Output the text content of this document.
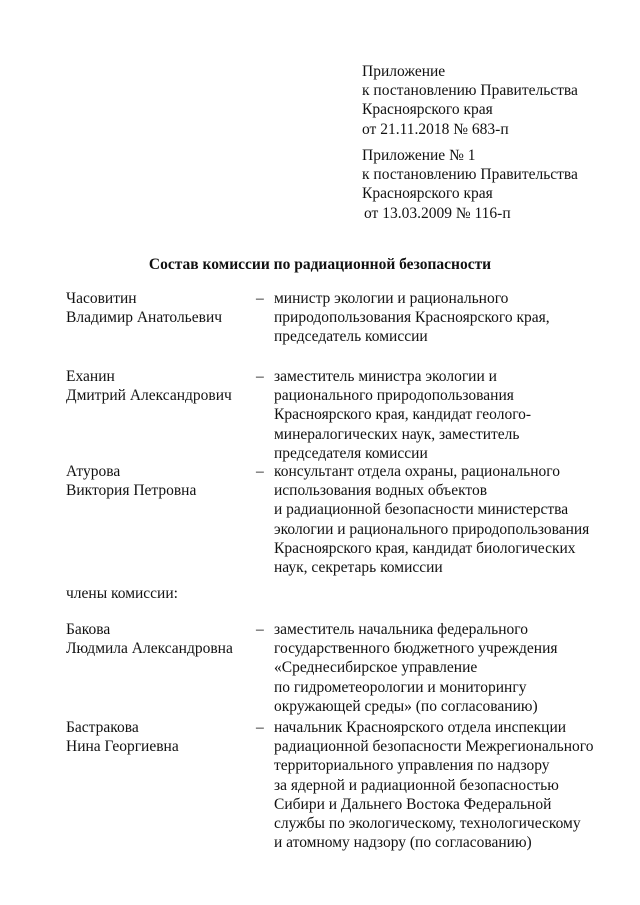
Приложение
к постановлению Правительства
Красноярского края
от 21.11.2018 № 683-п
Приложение № 1
к постановлению Правительства
Красноярского края
от 13.03.2009 № 116-п
Состав комиссии по радиационной безопасности
Часовитин
Владимир Анатольевич
– министр экологии и рационального
природопользования Красноярского края,
председатель комиссии
Еханин
Дмитрий Александрович
– заместитель министра экологии и
рационального природопользования
Красноярского края, кандидат геолого-
минералогических наук, заместитель
председателя комиссии
Атурова
Виктория Петровна
– консультант отдела охраны, рационального
использования водных объектов
и радиационной безопасности министерства
экологии и рационального природопользования
Красноярского края, кандидат биологических
наук, секретарь комиссии
члены комиссии:
Бакова
Людмила Александровна
– заместитель начальника федерального
государственного бюджетного учреждения
«Среднесибирское управление
по гидрометеорологии и мониторингу
окружающей среды» (по согласованию)
Бастракова
Нина Георгиевна
– начальник Красноярского отдела инспекции
радиационной безопасности Межрегионального
территориального управления по надзору
за ядерной и радиационной безопасностью
Сибири и Дальнего Востока Федеральной
службы по экологическому, технологическому
и атомному надзору (по согласованию)
